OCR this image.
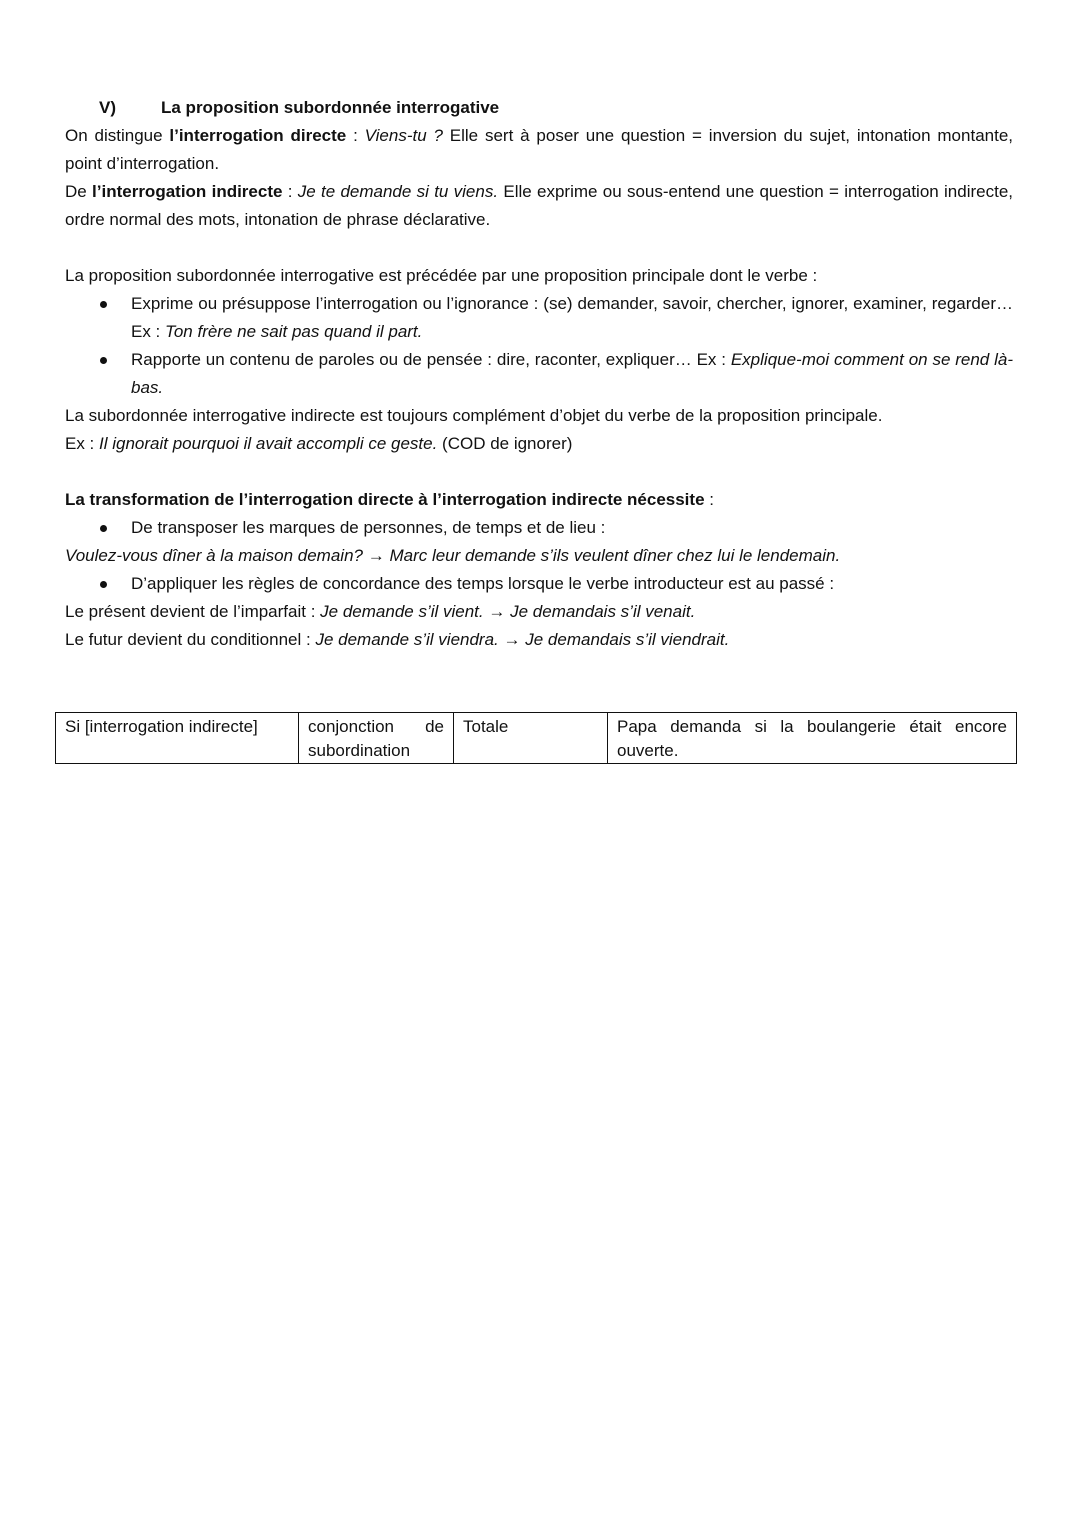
V)	La proposition subordonnée interrogative

On distingue l’interrogation directe : Viens-tu ? Elle sert à poser une question = inversion du sujet, intonation montante, point d’interrogation.

De l’interrogation indirecte : Je te demande si tu viens. Elle exprime ou sous-entend une question = interrogation indirecte, ordre normal des mots, intonation de phrase déclarative.

La proposition subordonnée interrogative est précédée par une proposition principale dont le verbe :

Exprime ou présuppose l’interrogation ou l’ignorance : (se) demander, savoir, chercher, ignorer, examiner, regarder… Ex : Ton frère ne sait pas quand il part.
Rapporte un contenu de paroles ou de pensée : dire, raconter, expliquer… Ex : Explique-moi comment on se rend là-bas.

La subordonnée interrogative indirecte est toujours complément d’objet du verbe de la proposition principale.

Ex : Il ignorait pourquoi il avait accompli ce geste. (COD de ignorer)

La transformation de l’interrogation directe à l’interrogation indirecte nécessite :

De transposer les marques de personnes, de temps et de lieu :

Voulez-vous dîner à la maison demain? → Marc leur demande s’ils veulent dîner chez lui le lendemain.

D’appliquer les règles de concordance des temps lorsque le verbe introducteur est au passé :

Le présent devient de l’imparfait : Je demande s’il vient. → Je demandais s’il venait.

Le futur devient du conditionnel : Je demande s’il viendra. → Je demandais s’il viendrait.

Si [interrogation indirecte]	conjonction de subordination	Totale	Papa demanda si la boulangerie était encore ouverte.
